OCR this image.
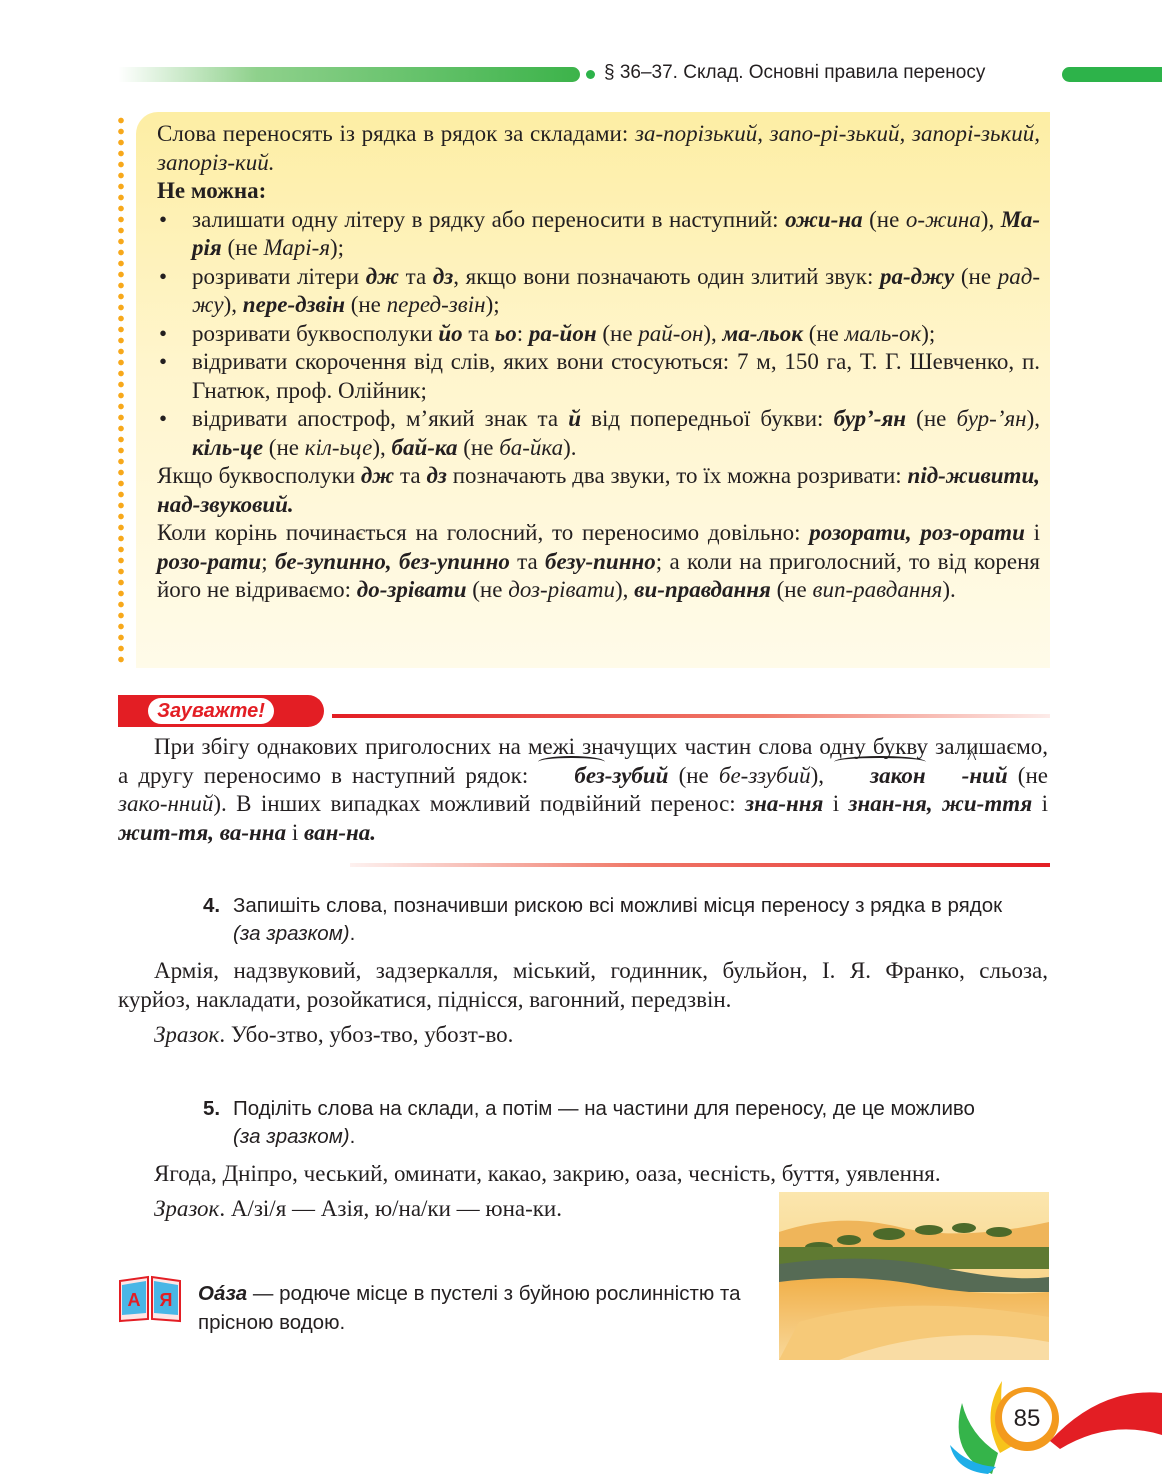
§ 36–37. Склад. Основні правила переносу

Слова переносять із рядка в рядок за складами: за-порізький, запо-рі-зький, запорі-зький, запоріз-кий.

Не можна:

• залишати одну літеру в рядку або переносити в наступний: ожи-на (не о-жина), Ма-рія (не Марі-я);

• розривати літери дж та дз, якщо вони позначають один злитий звук: ра-джу (не рад-жу), пере-дзвін (не перед-звін);

• розривати буквосполуки йо та ьо: ра-йон (не рай-он), ма-льок (не маль-ок);

• відривати скорочення від слів, яких вони стосуються: 7 м, 150 га, Т. Г. Шевченко, п. Гнатюк, проф. Олійник;

• відривати апостроф, м’який знак та й від попередньої букви: бур’-ян (не бур-’ян), кіль-це (не кіл-ьце), бай-ка (не ба-йка).

Якщо буквосполуки дж та дз позначають два звуки, то їх можна розривати: під-живити, над-звуковий.

Коли корінь починається на голосний, то переносимо довільно: розорати, роз-орати і розо-рати; бе-зупинно, без-упинно та безу-пинно; а коли на приголосний, то від кореня його не відриваємо: до-зрівати (не доз-рівати), ви-правдання (не вип-равдання).

Зауважте!

При збігу однакових приголосних на межі значущих частин слова одну букву залишаємо, а другу переносимо в наступний рядок: без-зубий (не бе-ззубий), закон^ -ний (не зако-нний). В інших випадках можливий подвійний перенос: зна-ння і знан-ня, жи-ття і жит-тя, ва-нна і ван-на.

4. Запишіть слова, позначивши рискою всі можливі місця переносу з рядка в рядок (за зразком).

Армія, надзвуковий, задзеркалля, міський, годинник, бульйон, І. Я. Франко, сльоза, курйоз, накладати, розойкатися, піднісся, вагонний, передзвін.

Зразок. Убо-зтво, убоз-тво, убозт-во.

5. Поділіть слова на склади, а потім — на частини для переносу, де це можливо (за зразком).

Ягода, Дніпро, чеський, оминати, какао, закрию, оаза, чесність, буття, уявлення.

Зразок. А/зі/я — Азія, ю/на/ки — юна-ки.

А Я Оáза — родюче місце в пустелі з буйною рослинністю та прісною водою.
85
